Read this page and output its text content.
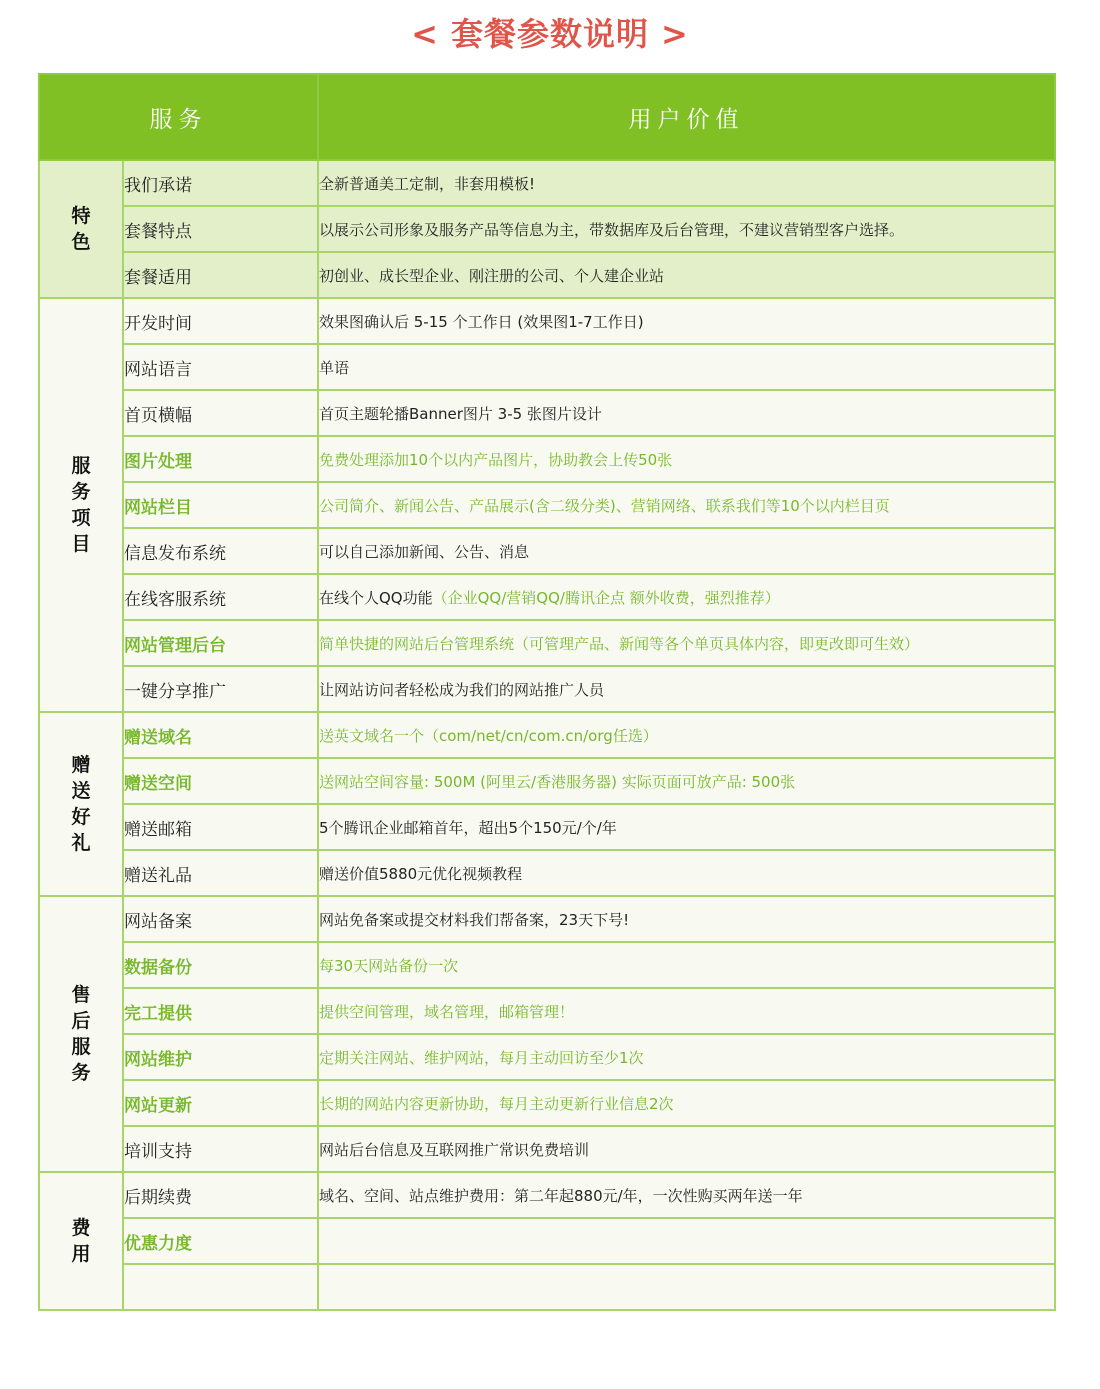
< 套餐参数说明 >
服务		用户价值
特色	我们承诺	全新普通美工定制，非套用模板!
	套餐特点	以展示公司形象及服务产品等信息为主，带数据库及后台管理，不建议营销型客户选择。
	套餐适用	初创业、成长型企业、刚注册的公司、个人建企业站
服务项目	开发时间	效果图确认后 5-15 个工作日 (效果图1-7工作日)
	网站语言	单语
	首页横幅	首页主题轮播Banner图片 3-5 张图片设计
	图片处理	免费处理添加10个以内产品图片，协助教会上传50张
	网站栏目	公司简介、新闻公告、产品展示(含二级分类)、营销网络、联系我们等10个以内栏目页
	信息发布系统	可以自己添加新闻、公告、消息
	在线客服系统	在线个人QQ功能（企业QQ/营销QQ/腾讯企点 额外收费，强烈推荐）
	网站管理后台	简单快捷的网站后台管理系统（可管理产品、新闻等各个单页具体内容，即更改即可生效）
	一键分享推广	让网站访问者轻松成为我们的网站推广人员
赠送好礼	赠送域名	送英文域名一个（com/net/cn/com.cn/org任选）
	赠送空间	送网站空间容量: 500M (阿里云/香港服务器) 实际页面可放产品: 500张
	赠送邮箱	5个腾讯企业邮箱首年，超出5个150元/个/年
	赠送礼品	赠送价值5880元优化视频教程
售后服务	网站备案	网站免备案或提交材料我们帮备案，23天下号!
	数据备份	每30天网站备份一次
	完工提供	提供空间管理，域名管理，邮箱管理！
	网站维护	定期关注网站、维护网站，每月主动回访至少1次
	网站更新	长期的网站内容更新协助，每月主动更新行业信息2次
	培训支持	网站后台信息及互联网推广常识免费培训
费用	后期续费	域名、空间、站点维护费用：第二年起880元/年，一次性购买两年送一年
	优惠力度	
